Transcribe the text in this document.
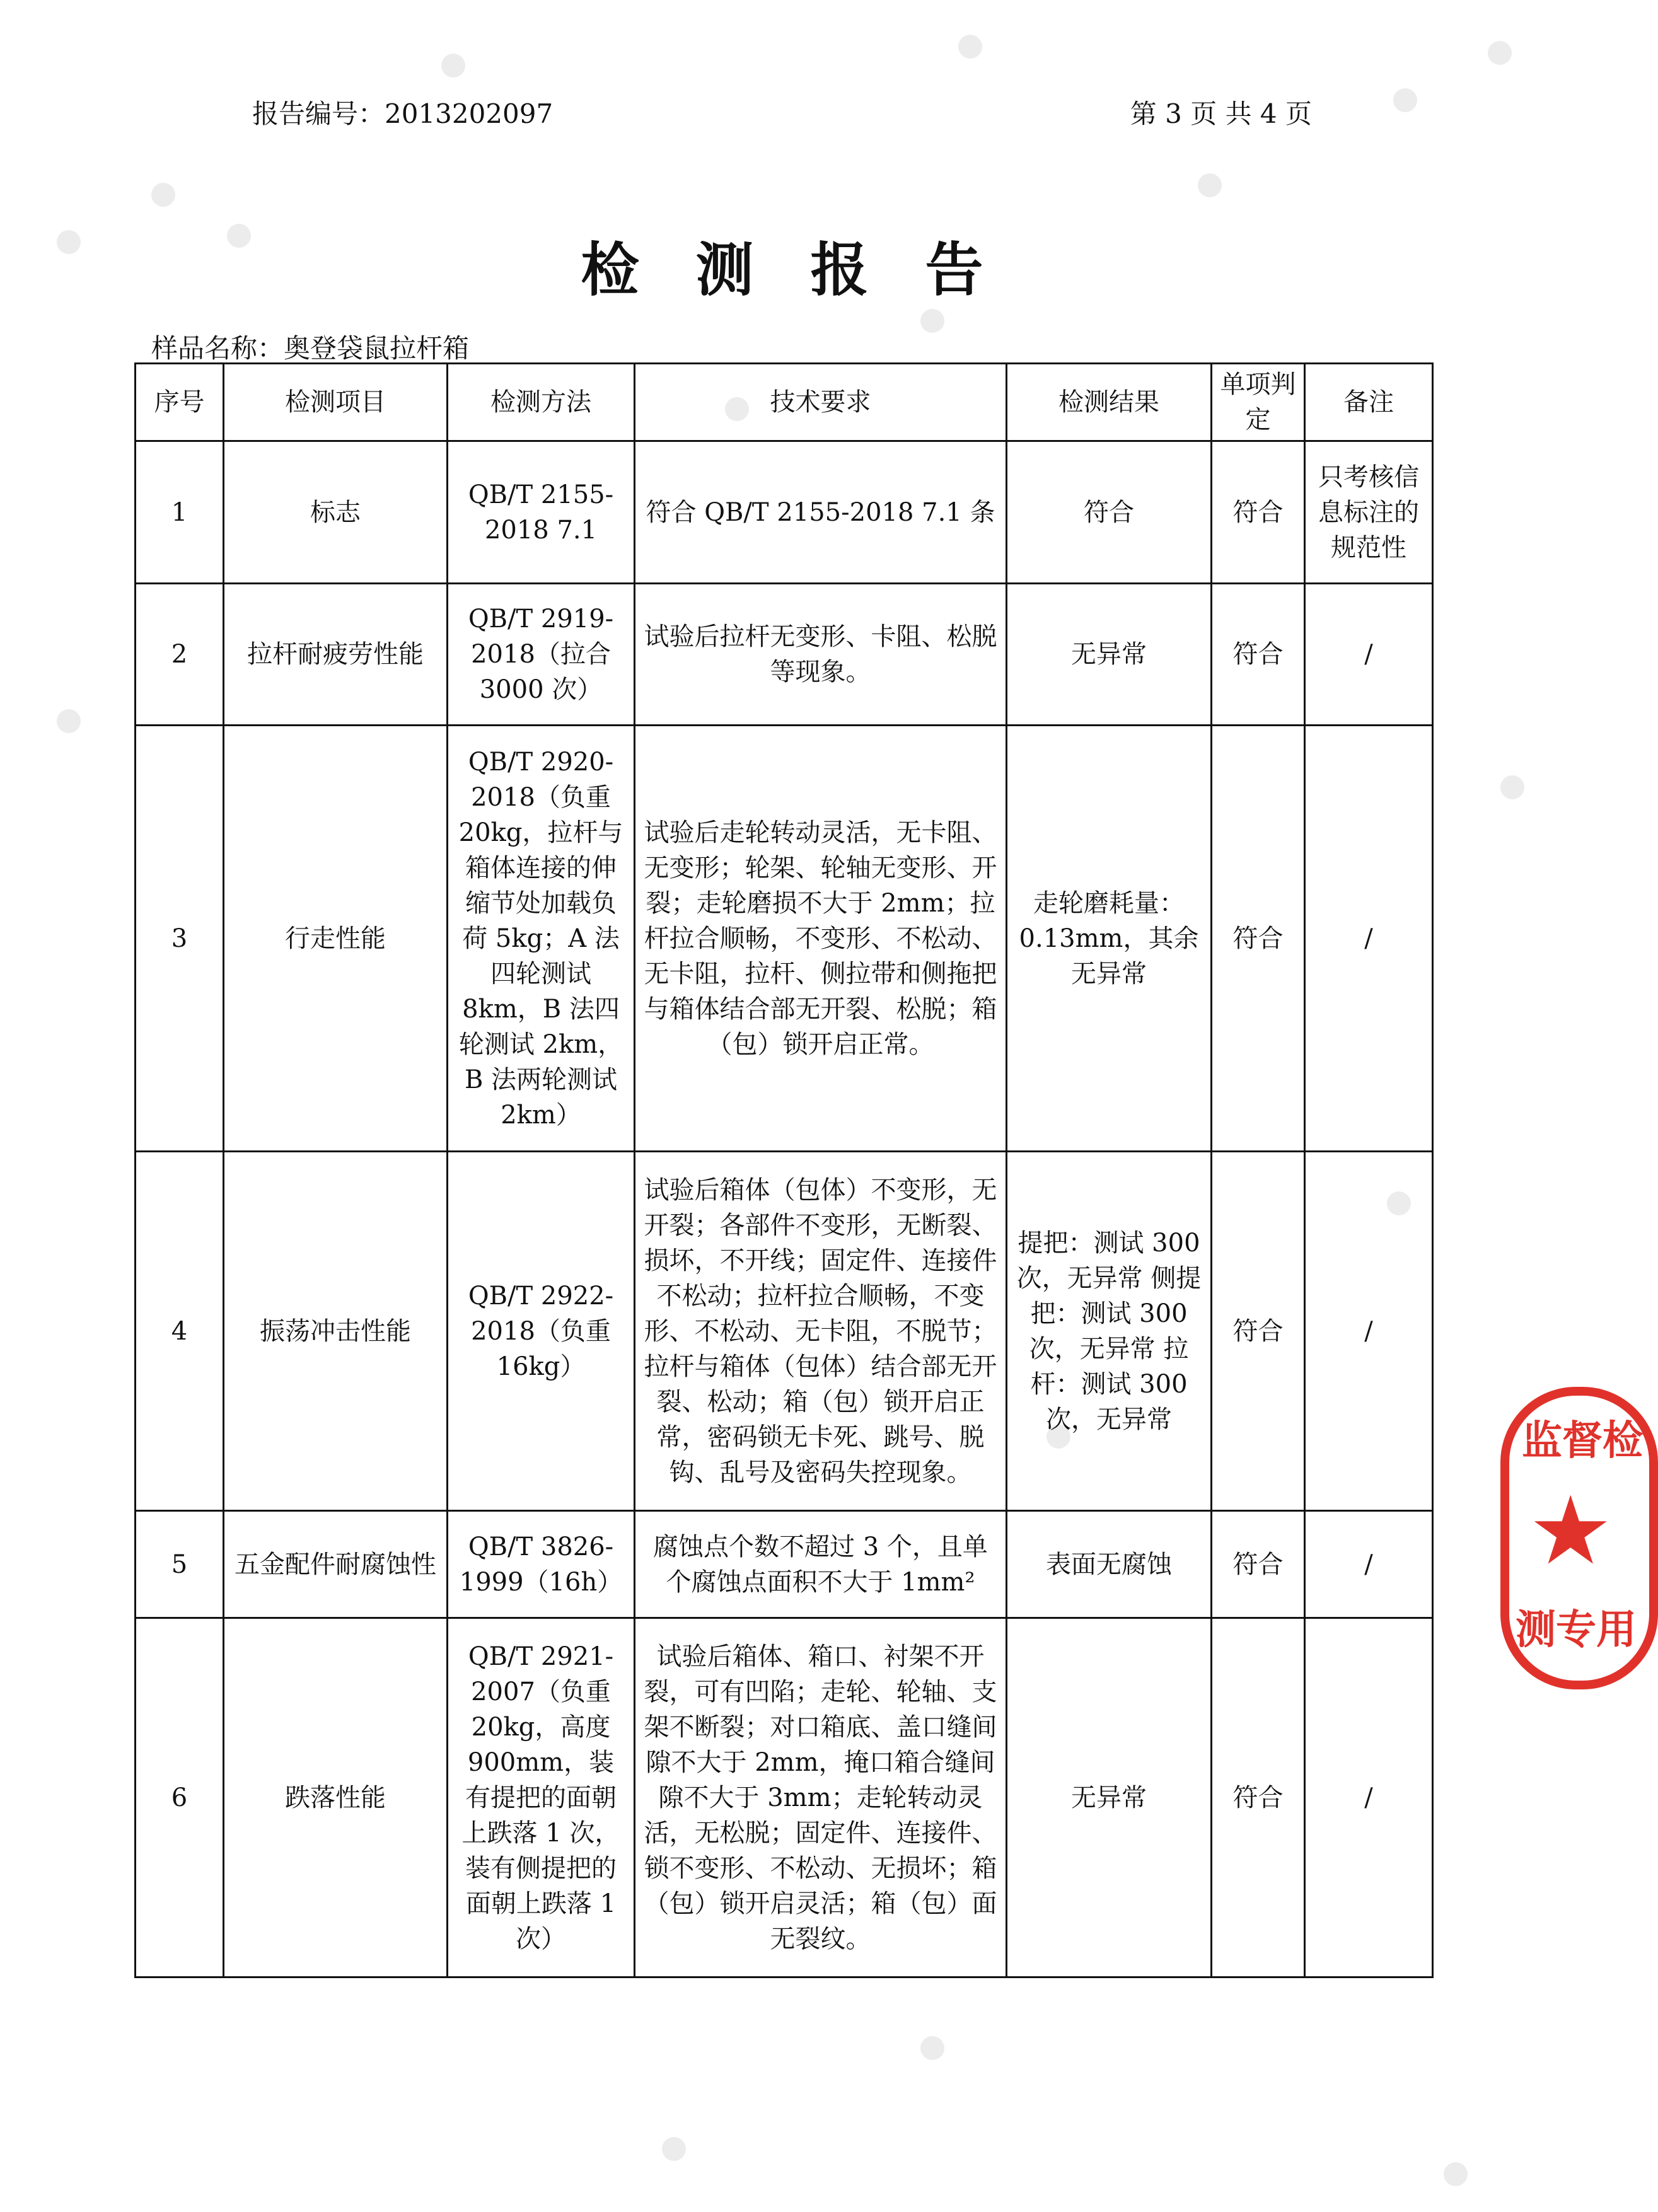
报告编号：2013202097	第 3 页 共 4 页
检测报告
样品名称：奥登袋鼠拉杆箱
序号	检测项目	检测方法	技术要求	检测结果	单项判定	备注
1	标志	QB/T 2155-2018 7.1	符合 QB/T 2155-2018 7.1 条	符合	符合	只考核信息标注的规范性
2	拉杆耐疲劳性能	QB/T 2919-2018（拉合 3000 次）	试验后拉杆无变形、卡阻、松脱等现象。	无异常	符合	/
3	行走性能	QB/T 2920-2018（负重 20kg，拉杆与箱体连接的伸缩节处加载负荷 5kg；A 法四轮测试 8km，B 法四轮测试 2km，B 法两轮测试 2km）	试验后走轮转动灵活，无卡阻、无变形；轮架、轮轴无变形、开裂；走轮磨损不大于 2mm；拉杆拉合顺畅，不变形、不松动、无卡阻，拉杆、侧拉带和侧拖把与箱体结合部无开裂、松脱；箱（包）锁开启正常。	走轮磨耗量：0.13mm，其余无异常	符合	/
4	振荡冲击性能	QB/T 2922-2018（负重 16kg）	试验后箱体（包体）不变形，无开裂；各部件不变形，无断裂、损坏，不开线；固定件、连接件不松动；拉杆拉合顺畅，不变形、不松动、无卡阻，不脱节；拉杆与箱体（包体）结合部无开裂、松动；箱（包）锁开启正常，密码锁无卡死、跳号、脱钩、乱号及密码失控现象。	提把：测试 300 次，无异常 侧提把：测试 300 次，无异常 拉杆：测试 300 次，无异常	符合	/
5	五金配件耐腐蚀性	QB/T 3826-1999（16h）	腐蚀点个数不超过 3 个，且单个腐蚀点面积不大于 1mm²	表面无腐蚀	符合	/
6	跌落性能	QB/T 2921-2007（负重 20kg，高度 900mm，装有提把的面朝上跌落 1 次，装有侧提把的面朝上跌落 1 次）	试验后箱体、箱口、衬架不开裂，可有凹陷；走轮、轮轴、支架不断裂；对口箱底、盖口缝间隙不大于 2mm，掩口箱合缝间隙不大于 3mm；走轮转动灵活，无松脱；固定件、连接件、锁不变形、不松动、无损坏；箱（包）锁开启灵活；箱（包）面无裂纹。	无异常	符合	/
监督检
★
测专用
